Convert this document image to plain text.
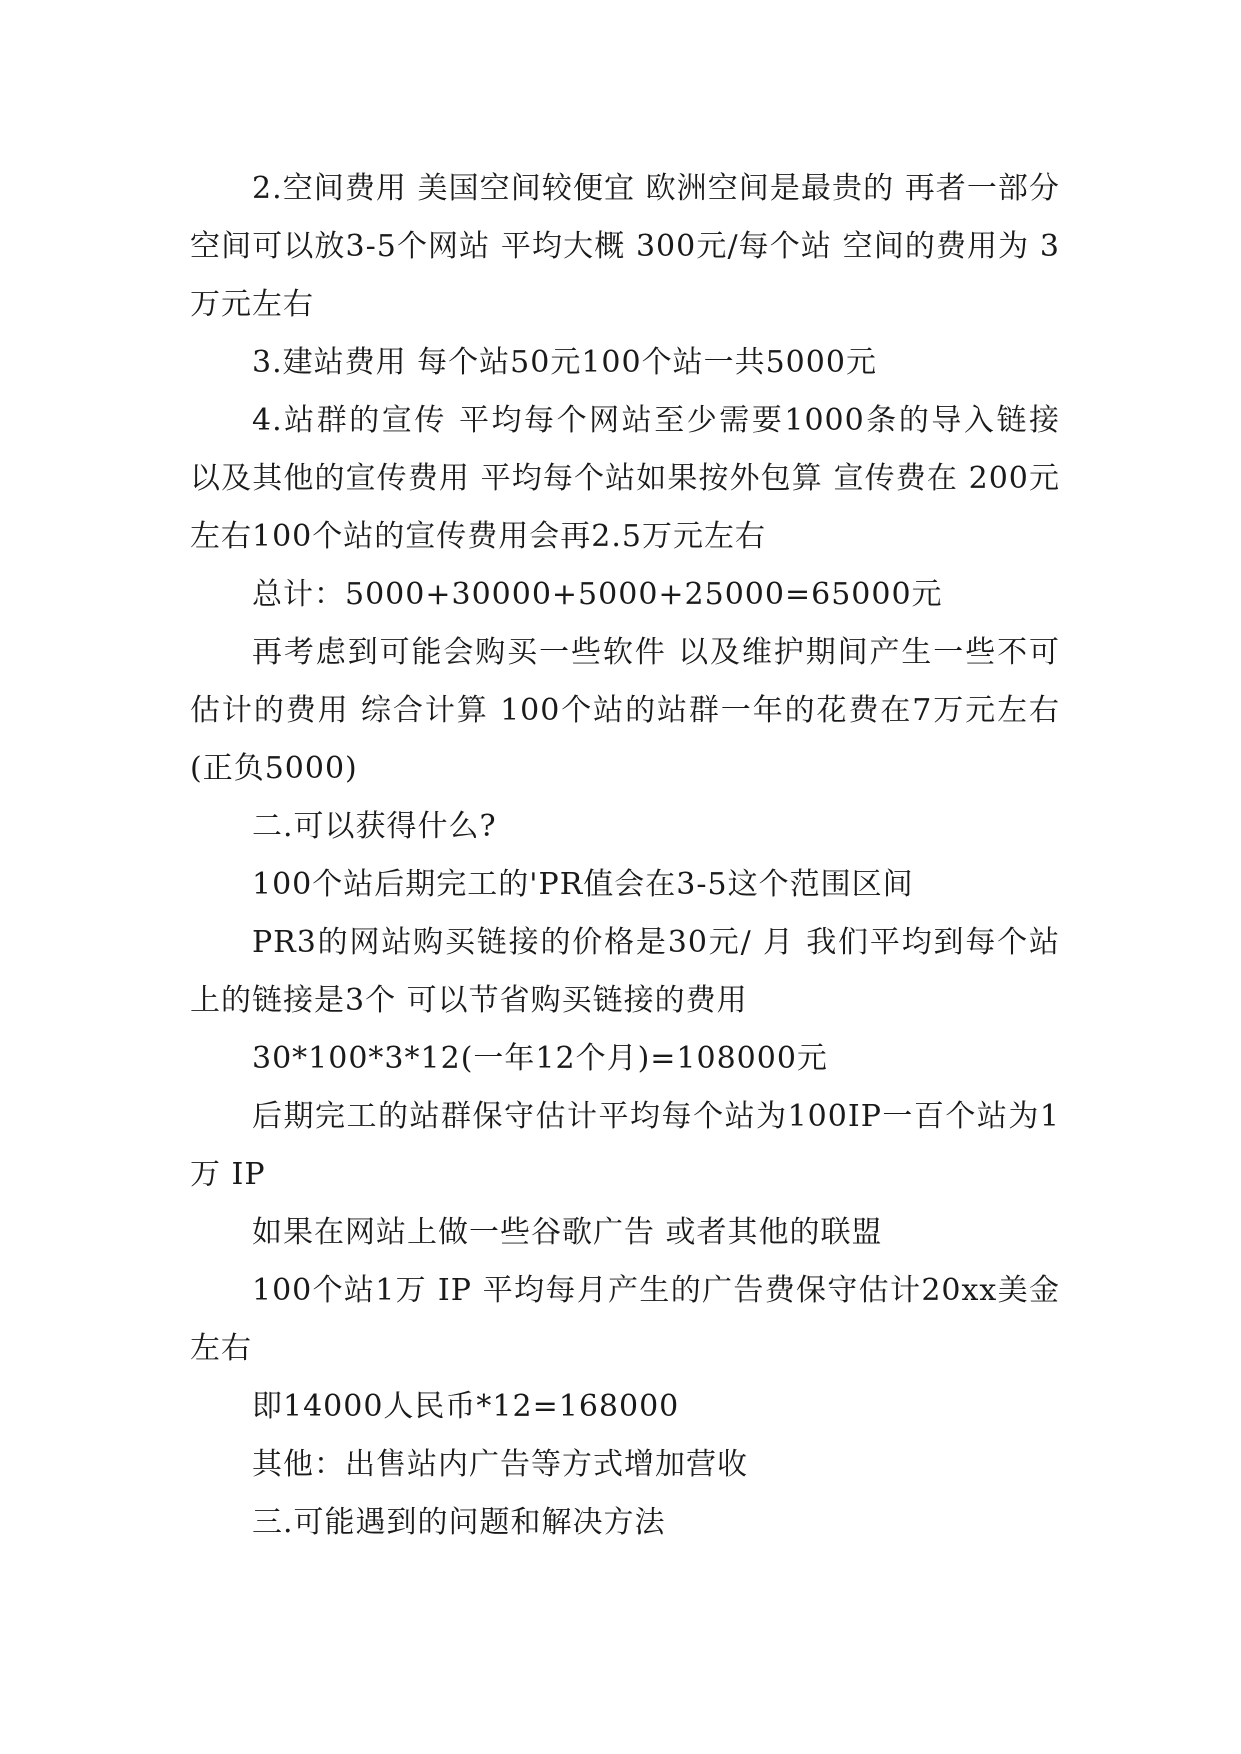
2.空间费用 美国空间较便宜 欧洲空间是最贵的 再者一部分空间可以放3-5个网站 平均大概 300元/每个站 空间的费用为 3万元左右

3.建站费用 每个站50元100个站一共5000元

4.站群的宣传 平均每个网站至少需要1000条的导入链接 以及其他的宣传费用 平均每个站如果按外包算 宣传费在 200元左右100个站的宣传费用会再2.5万元左右

总计：5000+30000+5000+25000=65000元

再考虑到可能会购买一些软件 以及维护期间产生一些不可估计的费用 综合计算 100个站的站群一年的花费在7万元左右(正负5000)

二.可以获得什么?

100个站后期完工的'PR值会在3-5这个范围区间

PR3的网站购买链接的价格是30元/ 月 我们平均到每个站上的链接是3个 可以节省购买链接的费用

30*100*3*12(一年12个月)=108000元

后期完工的站群保守估计平均每个站为100IP一百个站为1万 IP

如果在网站上做一些谷歌广告 或者其他的联盟

100个站1万 IP 平均每月产生的广告费保守估计20xx美金左右

即14000人民币*12=168000

其他：出售站内广告等方式增加营收

三.可能遇到的问题和解决方法
